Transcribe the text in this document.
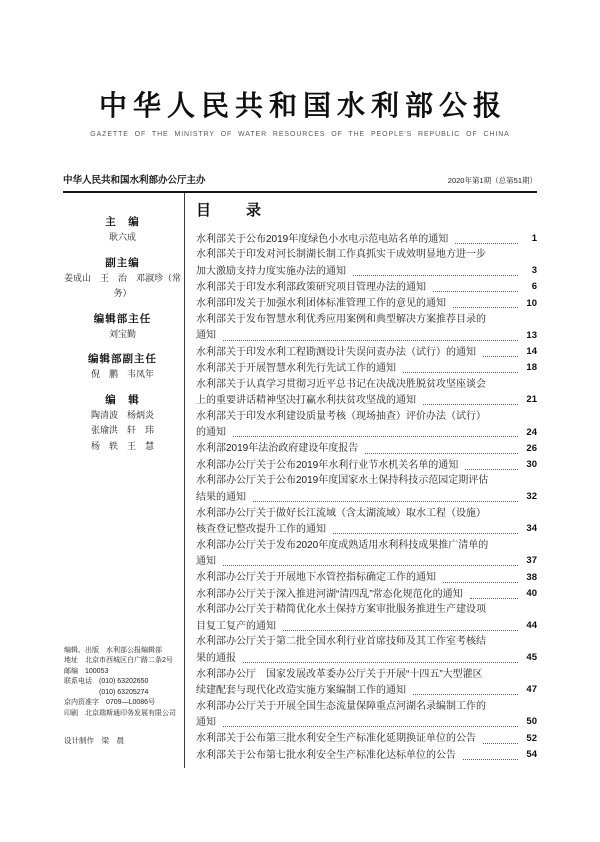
中华人民共和国水利部公报
GAZETTE OF THE MINISTRY OF WATER RESOURCES OF THE PEOPLE'S REPUBLIC OF CHINA
中华人民共和国水利部办公厅主办	2020年第1期（总第51期）
主　编
耿六成
副主编
姜成山　王　治　邓淑珍（常务）
编辑部主任
刘宝勤
编辑部副主任
倪　鹏　韦凤年
编　辑
陶清波　杨炳炎
张瑜洪　轩　玮
杨　轶　王　慧
编辑、出版　水利部公报编辑部
地址　北京市西城区白广路二条2号
邮编　100053
联系电话　(010) 63202650
　　　　　(010) 63205274
京内资准字　0709—L0086号
印刷　北京瑞斯通印务发展有限公司
设计制作　梁　晨
目　录
水利部关于公布2019年度绿色小水电示范电站名单的通知	1
水利部关于印发对河长制湖长制工作真抓实干成效明显地方进一步
加大激励支持力度实施办法的通知	3
水利部关于印发水利部政策研究项目管理办法的通知	6
水利部印发关于加强水利团体标准管理工作的意见的通知	10
水利部关于发布智慧水利优秀应用案例和典型解决方案推荐目录的
通知	13
水利部关于印发水利工程勘测设计失误问责办法（试行）的通知	14
水利部关于开展智慧水利先行先试工作的通知	18
水利部关于认真学习贯彻习近平总书记在决战决胜脱贫攻坚座谈会
上的重要讲话精神坚决打赢水利扶贫攻坚战的通知	21
水利部关于印发水利建设质量考核（现场抽查）评价办法（试行）
的通知	24
水利部2019年法治政府建设年度报告	26
水利部办公厅关于公布2019年水利行业节水机关名单的通知	30
水利部办公厅关于公布2019年度国家水土保持科技示范园定期评估
结果的通知	32
水利部办公厅关于做好长江流域（含太湖流域）取水工程（设施）
核查登记整改提升工作的通知	34
水利部办公厅关于发布2020年度成熟适用水利科技成果推广清单的
通知	37
水利部办公厅关于开展地下水管控指标确定工作的通知	38
水利部办公厅关于深入推进河湖“清四乱”常态化规范化的通知	40
水利部办公厅关于精简优化水土保持方案审批服务推进生产建设项
目复工复产的通知	44
水利部办公厅关于第二批全国水利行业首席技师及其工作室考核结
果的通报	45
水利部办公厅　国家发展改革委办公厅关于开展“十四五”大型灌区
续建配套与现代化改造实施方案编制工作的通知	47
水利部办公厅关于开展全国生态流量保障重点河湖名录编制工作的
通知	50
水利部关于公布第三批水利安全生产标准化延期换证单位的公告	52
水利部关于公布第七批水利安全生产标准化达标单位的公告	54
